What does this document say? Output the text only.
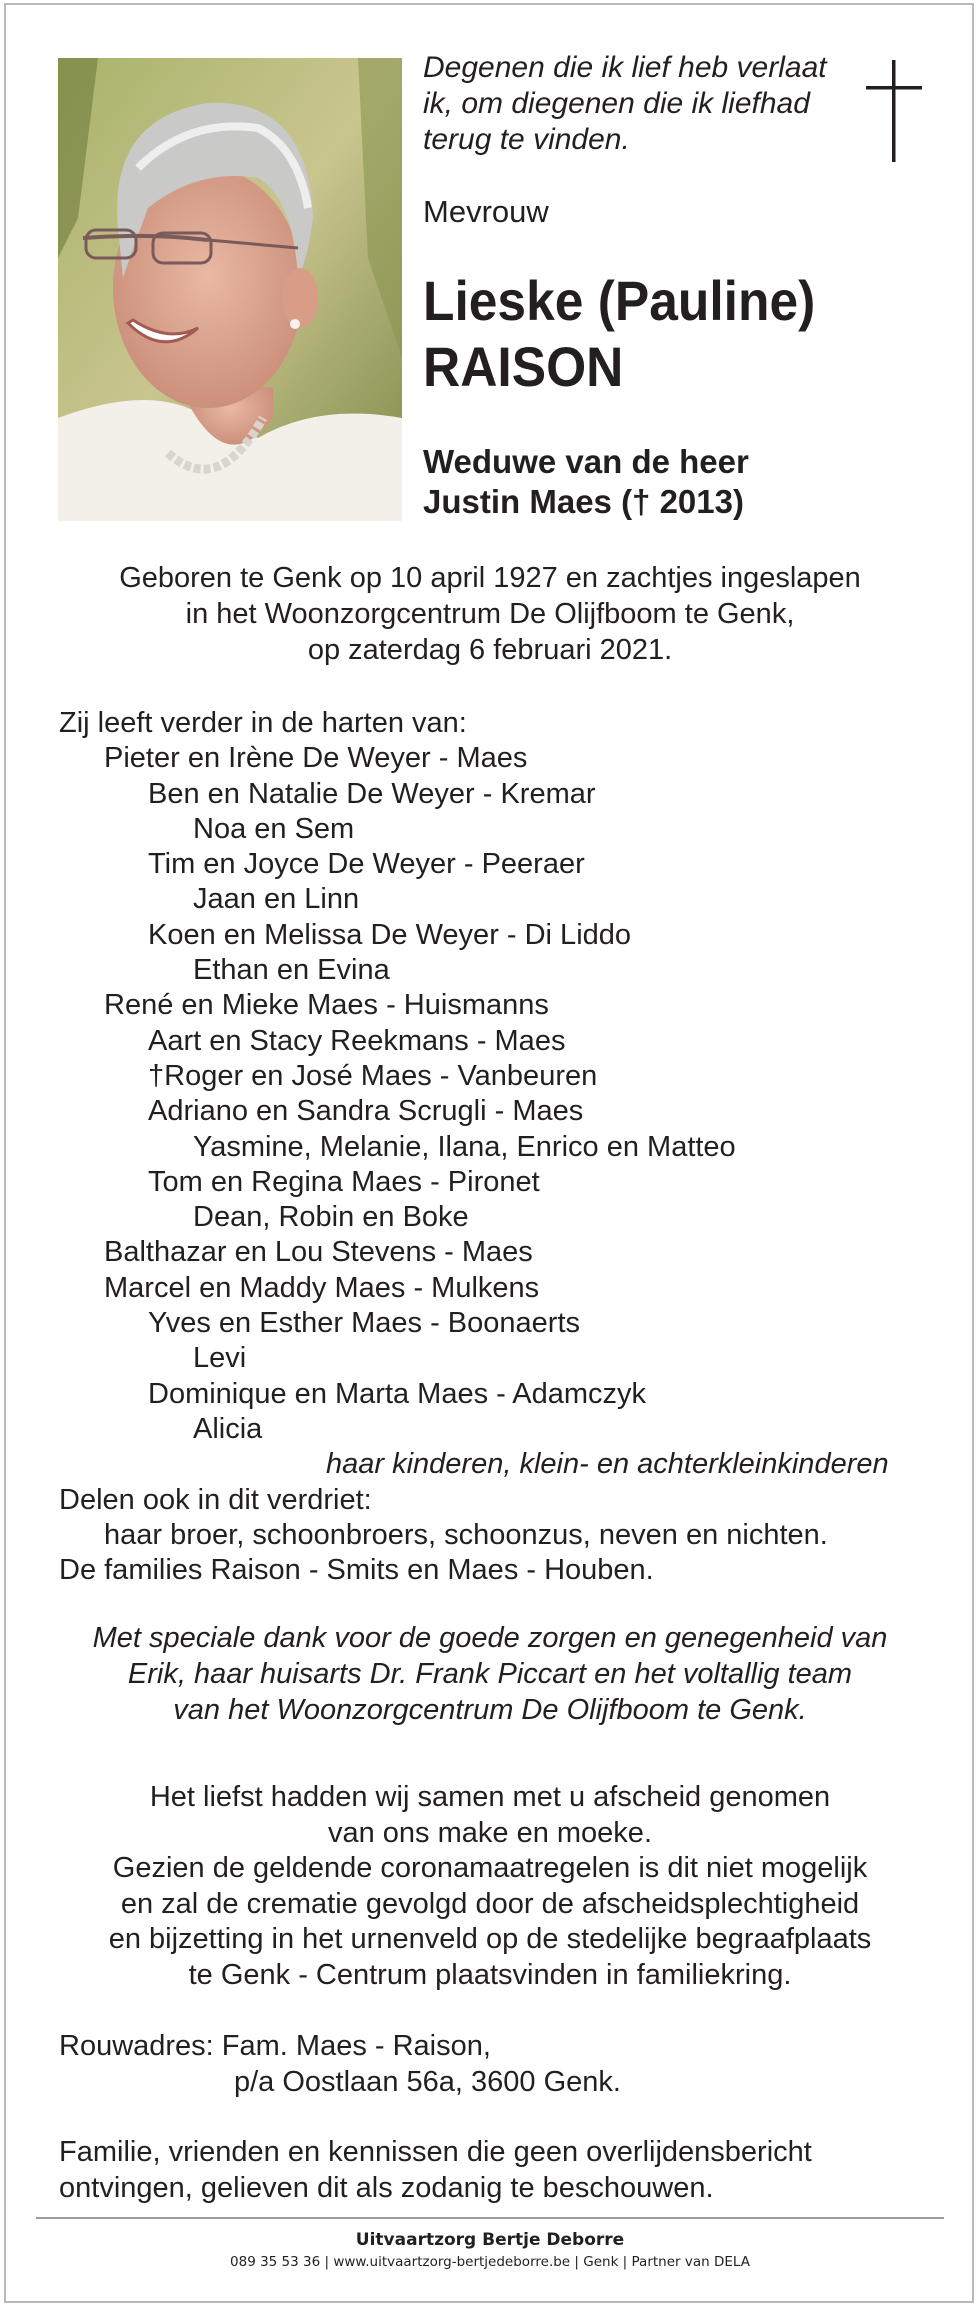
Degenen die ik lief heb verlaat
ik, om diegenen die ik liefhad
terug te vinden.

Mevrouw

Lieske (Pauline)
RAISON

Weduwe van de heer
Justin Maes († 2013)

Geboren te Genk op 10 april 1927 en zachtjes ingeslapen
in het Woonzorgcentrum De Olijfboom te Genk,
op zaterdag 6 februari 2021.

Zij leeft verder in de harten van:
Pieter en Irène De Weyer - Maes
Ben en Natalie De Weyer - Kremar
Noa en Sem
Tim en Joyce De Weyer - Peeraer
Jaan en Linn
Koen en Melissa De Weyer - Di Liddo
Ethan en Evina
René en Mieke Maes - Huismanns
Aart en Stacy Reekmans - Maes
†Roger en José Maes - Vanbeuren
Adriano en Sandra Scrugli - Maes
Yasmine, Melanie, Ilana, Enrico en Matteo
Tom en Regina Maes - Pironet
Dean, Robin en Boke
Balthazar en Lou Stevens - Maes
Marcel en Maddy Maes - Mulkens
Yves en Esther Maes - Boonaerts
Levi
Dominique en Marta Maes - Adamczyk
Alicia
haar kinderen, klein- en achterkleinkinderen
Delen ook in dit verdriet:
haar broer, schoonbroers, schoonzus, neven en nichten.
De families Raison - Smits en Maes - Houben.

Met speciale dank voor de goede zorgen en genegenheid van
Erik, haar huisarts Dr. Frank Piccart en het voltallig team
van het Woonzorgcentrum De Olijfboom te Genk.

Het liefst hadden wij samen met u afscheid genomen
van ons make en moeke.
Gezien de geldende coronamaatregelen is dit niet mogelijk
en zal de crematie gevolgd door de afscheidsplechtigheid
en bijzetting in het urnenveld op de stedelijke begraafplaats
te Genk - Centrum plaatsvinden in familiekring.

Rouwadres: Fam. Maes - Raison,
p/a Oostlaan 56a, 3600 Genk.

Familie, vrienden en kennissen die geen overlijdensbericht
ontvingen, gelieven dit als zodanig te beschouwen.

Uitvaartzorg Bertje Deborre

089 35 53 36 | www.uitvaartzorg-bertjedeborre.be | Genk | Partner van DELA
